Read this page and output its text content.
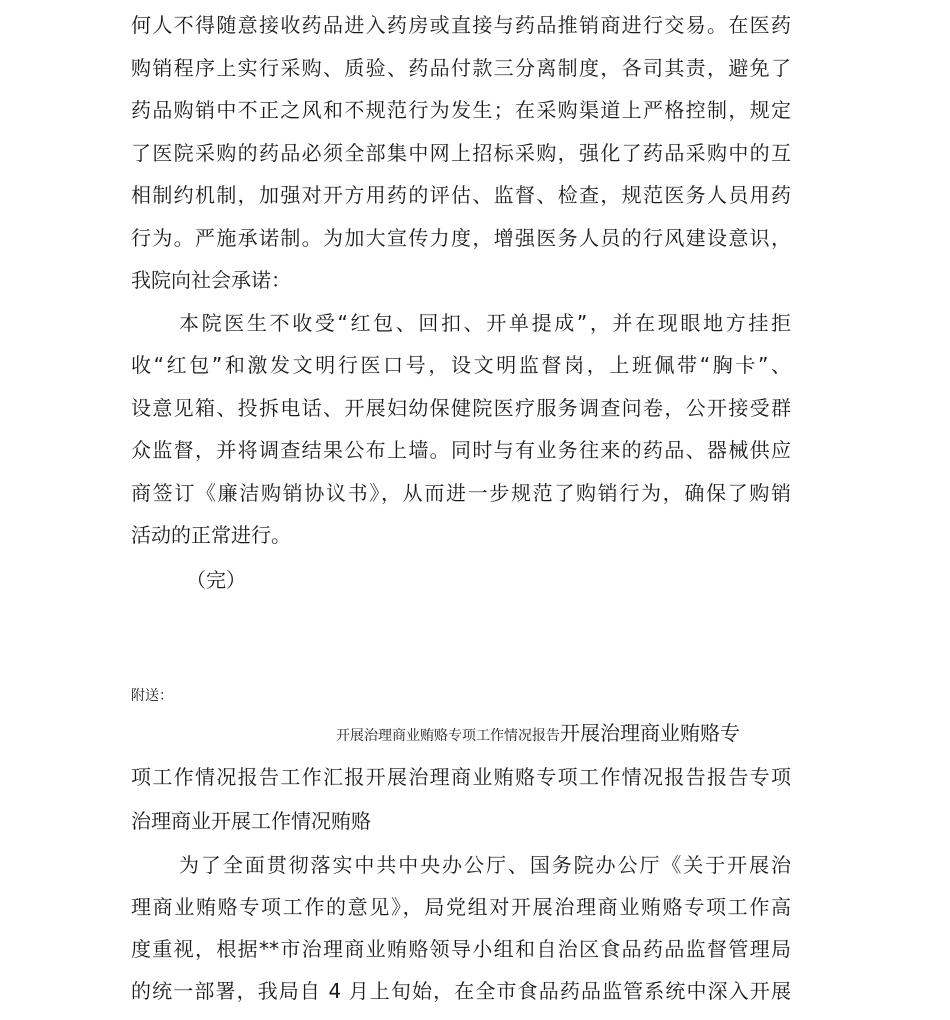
何人不得随意接收药品进入药房或直接与药品推销商进行交易。在医药
购销程序上实行采购、质验、药品付款三分离制度，各司其责，避免了
药品购销中不正之风和不规范行为发生；在采购渠道上严格控制，规定
了医院采购的药品必须全部集中网上招标采购，强化了药品采购中的互
相制约机制，加强对开方用药的评估、监督、检查，规范医务人员用药
行为。严施承诺制。为加大宣传力度，增强医务人员的行风建设意识，
我院向社会承诺：
本院医生不收受“红包、回扣、开单提成”，并在现眼地方挂拒
收“红包”和激发文明行医口号，设文明监督岗，上班佩带“胸卡”、
设意见箱、投拆电话、开展妇幼保健院医疗服务调查问卷，公开接受群
众监督，并将调查结果公布上墙。同时与有业务往来的药品、器械供应
商签订《廉洁购销协议书》，从而进一步规范了购销行为，确保了购销
活动的正常进行。
（完）
附送：
开展治理商业贿赂专项工作情况报告开展治理商业贿赂专
项工作情况报告工作汇报开展治理商业贿赂专项工作情况报告报告专项
治理商业开展工作情况贿赂
为了全面贯彻落实中共中央办公厅、国务院办公厅《关于开展治
理商业贿赂专项工作的意见》，局党组对开展治理商业贿赂专项工作高
度重视，根据**市治理商业贿赂领导小组和自治区食品药品监督管理局
的统一部署，我局自 4 月上旬始，在全市食品药品监管系统中深入开展
